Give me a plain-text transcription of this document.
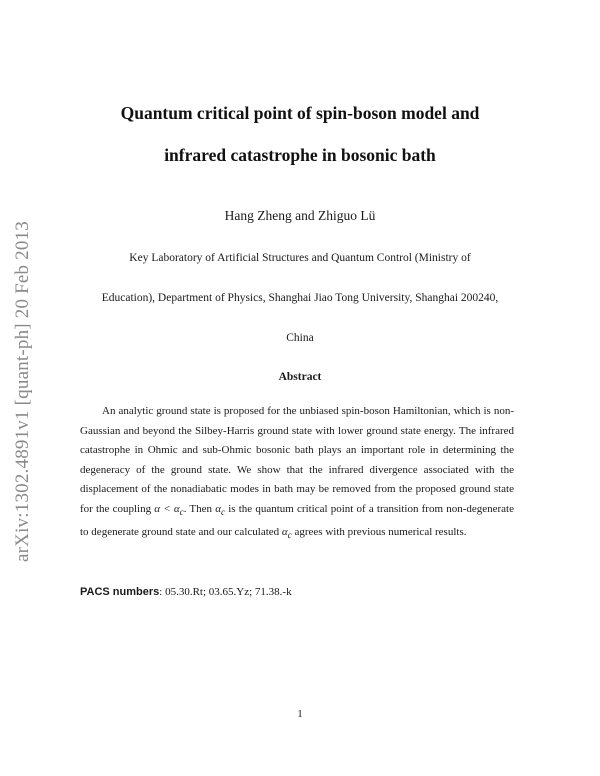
arXiv:1302.4891v1 [quant-ph] 20 Feb 2013
Quantum critical point of spin-boson model and
infrared catastrophe in bosonic bath
Hang Zheng and Zhiguo Lü
Key Laboratory of Artificial Structures and Quantum Control (Ministry of
Education), Department of Physics, Shanghai Jiao Tong University, Shanghai 200240,
China
Abstract

An analytic ground state is proposed for the unbiased spin-boson Hamiltonian, which is non-Gaussian and beyond the Silbey-Harris ground state with lower ground state energy. The infrared catastrophe in Ohmic and sub-Ohmic bosonic bath plays an important role in determining the degeneracy of the ground state. We show that the infrared divergence associated with the displacement of the nonadiabatic modes in bath may be removed from the proposed ground state for the coupling $\alpha < \alpha_c$. Then $\alpha_c$ is the quantum critical point of a transition from non-degenerate to degenerate ground state and our calculated $\alpha_c$ agrees with previous numerical results.

PACS numbers: 05.30.Rt; 03.65.Yz; 71.38.-k
1
